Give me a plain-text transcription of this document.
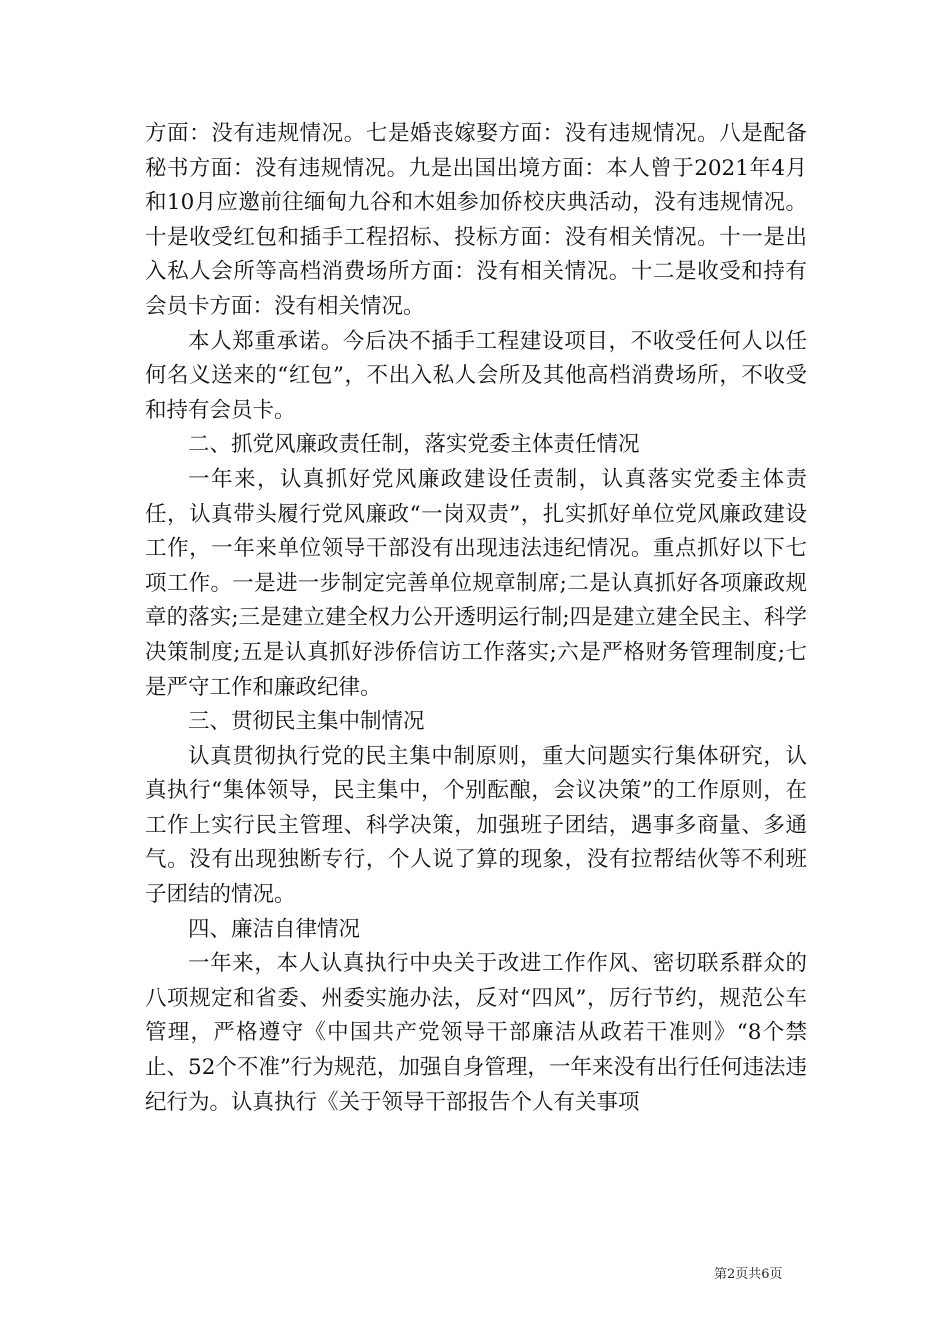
方面：没有违规情况。七是婚丧嫁娶方面：没有违规情况。八是配备秘书方面：没有违规情况。九是出国出境方面：本人曾于2021年4月和10月应邀前往缅甸九谷和木姐参加侨校庆典活动，没有违规情况。十是收受红包和插手工程招标、投标方面：没有相关情况。十一是出入私人会所等高档消费场所方面：没有相关情况。十二是收受和持有会员卡方面：没有相关情况。

本人郑重承诺。今后决不插手工程建设项目，不收受任何人以任何名义送来的“红包”，不出入私人会所及其他高档消费场所，不收受和持有会员卡。

二、抓党风廉政责任制，落实党委主体责任情况

一年来，认真抓好党风廉政建设任责制，认真落实党委主体责任，认真带头履行党风廉政“一岗双责”，扎实抓好单位党风廉政建设工作，一年来单位领导干部没有出现违法违纪情况。重点抓好以下七项工作。一是进一步制定完善单位规章制席;二是认真抓好各项廉政规章的落实;三是建立建全权力公开透明运行制;四是建立建全民主、科学决策制度;五是认真抓好涉侨信访工作落实;六是严格财务管理制度;七是严守工作和廉政纪律。

三、贯彻民主集中制情况

认真贯彻执行党的民主集中制原则，重大问题实行集体研究，认真执行“集体领导，民主集中，个别酝酿，会议决策”的工作原则，在工作上实行民主管理、科学决策，加强班子团结，遇事多商量、多通气。没有出现独断专行，个人说了算的现象，没有拉帮结伙等不利班子团结的情况。

四、廉洁自律情况

一年来，本人认真执行中央关于改进工作作风、密切联系群众的八项规定和省委、州委实施办法，反对“四风”，厉行节约，规范公车管理，严格遵守《中国共产党领导干部廉洁从政若干准则》“8个禁止、52个不准”行为规范，加强自身管理，一年来没有出行任何违法违纪行为。认真执行《关于领导干部报告个人有关事项

第2页共6页
